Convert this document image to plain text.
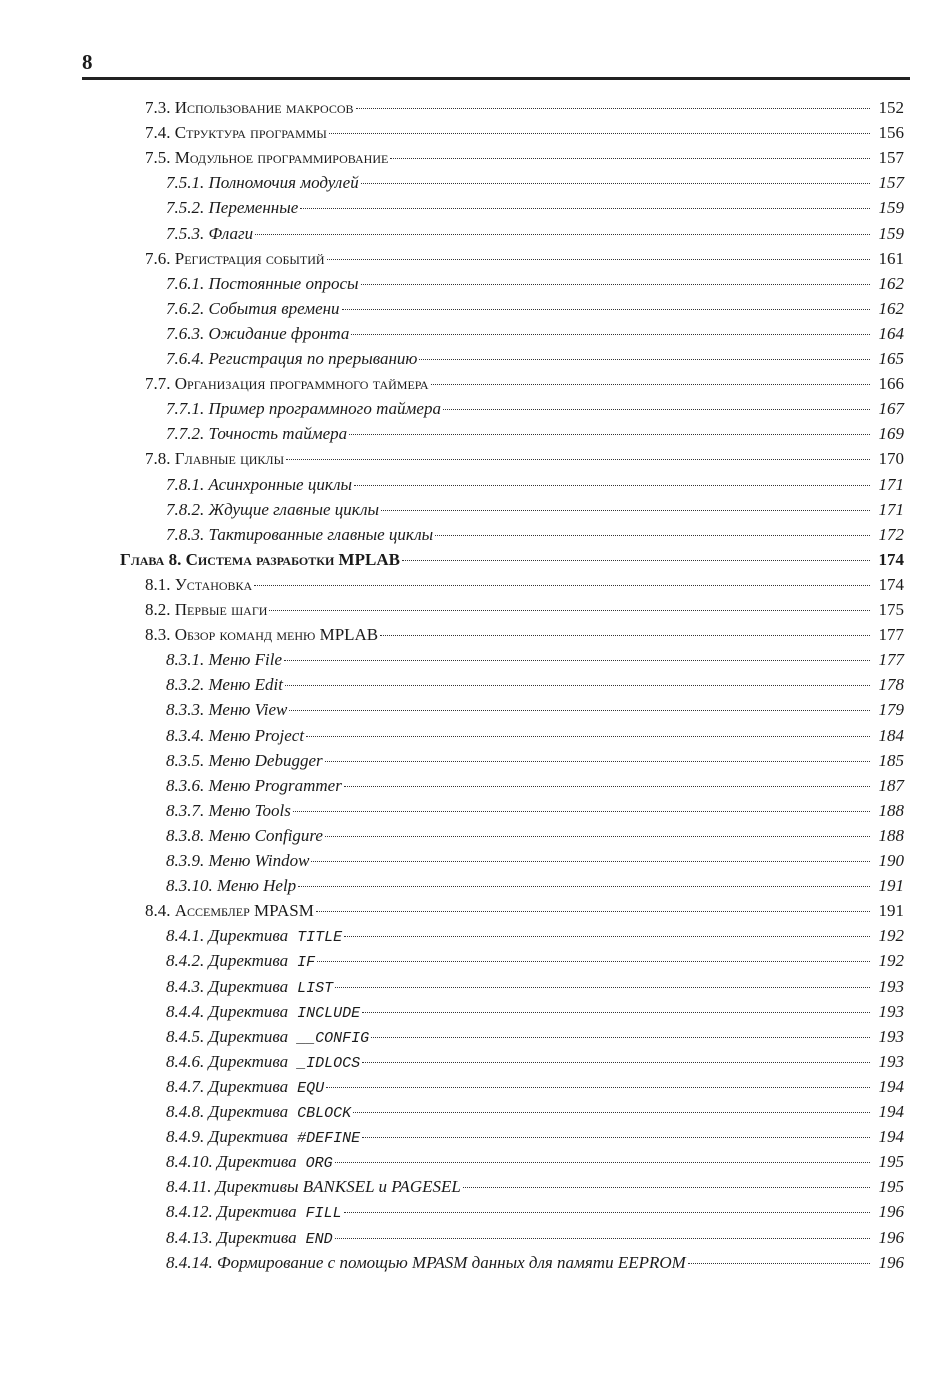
8
7.3. Использование макросов	152
7.4. Структура программы	156
7.5. Модульное программирование	157
7.5.1. Полномочия модулей	157
7.5.2. Переменные	159
7.5.3. Флаги	159
7.6. Регистрация событий	161
7.6.1. Постоянные опросы	162
7.6.2. События времени	162
7.6.3. Ожидание фронта	164
7.6.4. Регистрация по прерыванию	165
7.7. Организация программного таймера	166
7.7.1. Пример программного таймера	167
7.7.2. Точность таймера	169
7.8. Главные циклы	170
7.8.1. Асинхронные циклы	171
7.8.2. Ждущие главные циклы	171
7.8.3. Тактированные главные циклы	172
Глава 8. Система разработки MPLAB	174
8.1. Установка	174
8.2. Первые шаги	175
8.3. Обзор команд меню MPLAB	177
8.3.1. Меню File	177
8.3.2. Меню Edit	178
8.3.3. Меню View	179
8.3.4. Меню Project	184
8.3.5. Меню Debugger	185
8.3.6. Меню Programmer	187
8.3.7. Меню Tools	188
8.3.8. Меню Configure	188
8.3.9. Меню Window	190
8.3.10. Меню Help	191
8.4. Ассемблер MPASM	191
8.4.1. Директива TITLE	192
8.4.2. Директива IF	192
8.4.3. Директива LIST	193
8.4.4. Директива INCLUDE	193
8.4.5. Директива __CONFIG	193
8.4.6. Директива _IDLOCS	193
8.4.7. Директива EQU	194
8.4.8. Директива CBLOCK	194
8.4.9. Директива #DEFINE	194
8.4.10. Директива ORG	195
8.4.11. Директивы BANKSEL и PAGESEL	195
8.4.12. Директива FILL	196
8.4.13. Директива END	196
8.4.14. Формирование с помощью MPASM данных для памяти EEPROM	196
